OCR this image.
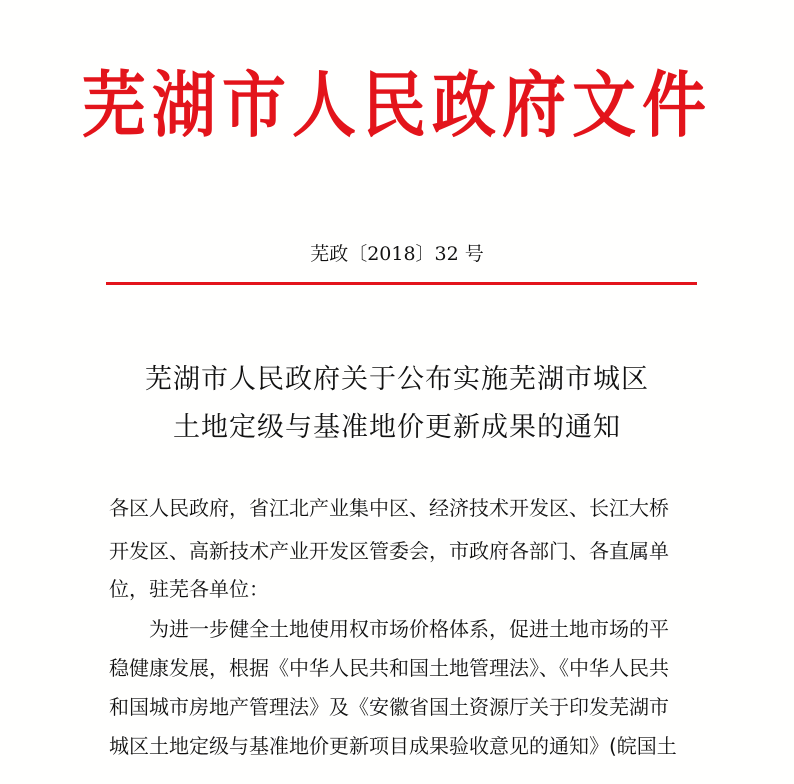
芜湖市人民政府文件
芜政〔2018〕32 号
芜湖市人民政府关于公布实施芜湖市城区
土地定级与基准地价更新成果的通知
各区人民政府，省江北产业集中区、经济技术开发区、长江大桥
开发区、高新技术产业开发区管委会，市政府各部门、各直属单
位，驻芜各单位：
为进一步健全土地使用权市场价格体系，促进土地市场的平
稳健康发展，根据《中华人民共和国土地管理法》、《中华人民共
和国城市房地产管理法》及《安徽省国土资源厅关于印发芜湖市
城区土地定级与基准地价更新项目成果验收意见的通知》(皖国土
